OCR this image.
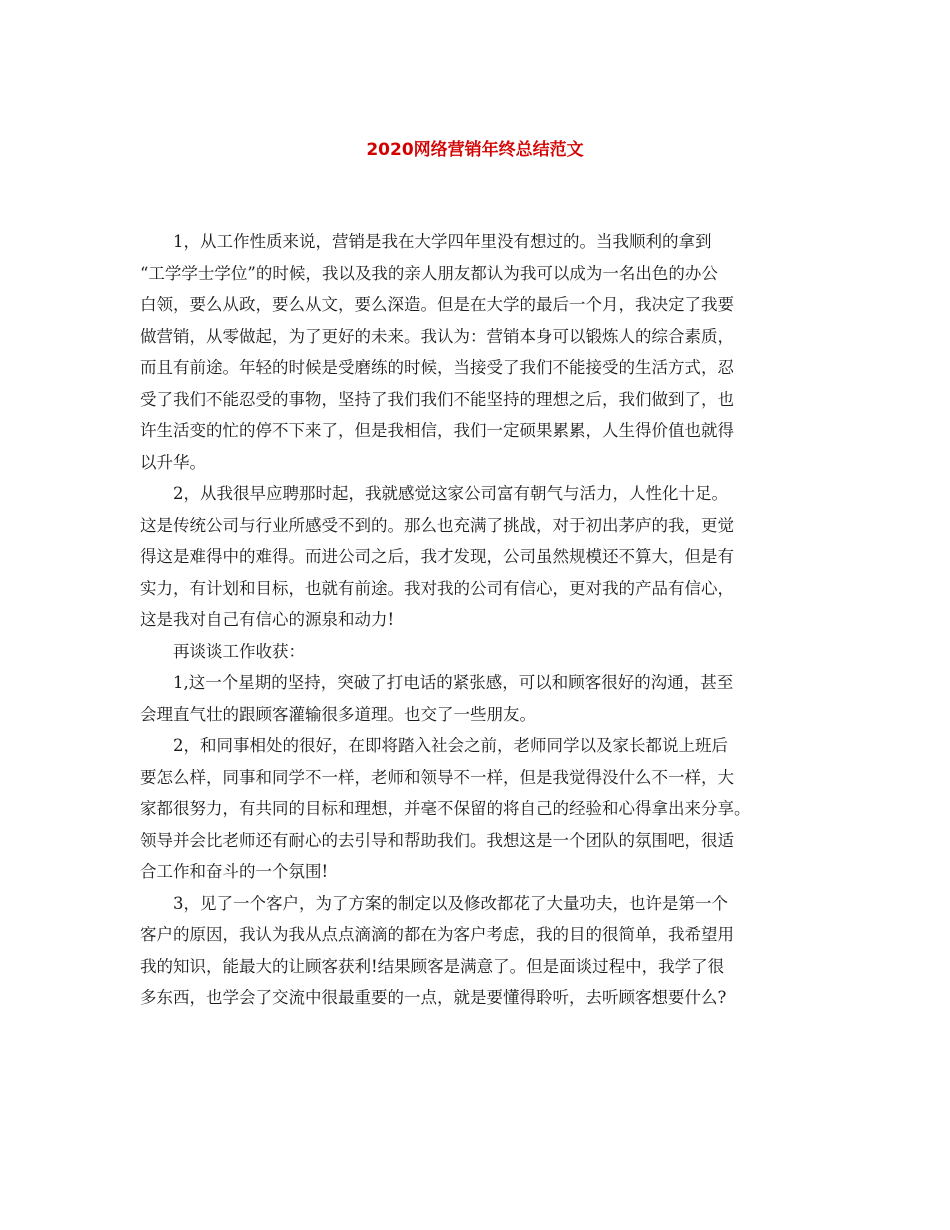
2020网络营销年终总结范文
1，从工作性质来说，营销是我在大学四年里没有想过的。当我顺利的拿到
“工学学士学位”的时候，我以及我的亲人朋友都认为我可以成为一名出色的办公
白领，要么从政，要么从文，要么深造。但是在大学的最后一个月，我决定了我要
做营销，从零做起，为了更好的未来。我认为：营销本身可以锻炼人的综合素质，
而且有前途。年轻的时候是受磨练的时候，当接受了我们不能接受的生活方式，忍
受了我们不能忍受的事物，坚持了我们我们不能坚持的理想之后，我们做到了，也
许生活变的忙的停不下来了，但是我相信，我们一定硕果累累，人生得价值也就得
以升华。
2，从我很早应聘那时起，我就感觉这家公司富有朝气与活力，人性化十足。
这是传统公司与行业所感受不到的。那么也充满了挑战，对于初出茅庐的我，更觉
得这是难得中的难得。而进公司之后，我才发现，公司虽然规模还不算大，但是有
实力，有计划和目标，也就有前途。我对我的公司有信心，更对我的产品有信心，
这是我对自己有信心的源泉和动力!
再谈谈工作收获：
1,这一个星期的坚持，突破了打电话的紧张感，可以和顾客很好的沟通，甚至
会理直气壮的跟顾客灌输很多道理。也交了一些朋友。
2，和同事相处的很好，在即将踏入社会之前，老师同学以及家长都说上班后
要怎么样，同事和同学不一样，老师和领导不一样，但是我觉得没什么不一样，大
家都很努力，有共同的目标和理想，并毫不保留的将自己的经验和心得拿出来分享。
领导并会比老师还有耐心的去引导和帮助我们。我想这是一个团队的氛围吧，很适
合工作和奋斗的一个氛围!
3，见了一个客户，为了方案的制定以及修改都花了大量功夫，也许是第一个
客户的原因，我认为我从点点滴滴的都在为客户考虑，我的目的很简单，我希望用
我的知识，能最大的让顾客获利!结果顾客是满意了。但是面谈过程中，我学了很
多东西，也学会了交流中很最重要的一点，就是要懂得聆听，去听顾客想要什么?
